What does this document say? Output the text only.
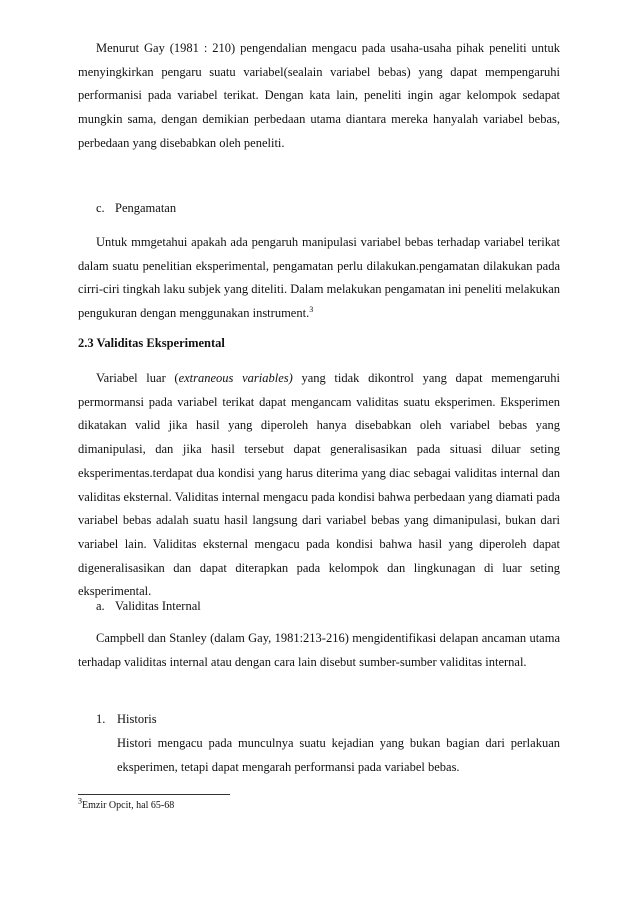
Menurut Gay (1981 : 210) pengendalian mengacu pada usaha-usaha pihak peneliti untuk menyingkirkan pengaru suatu variabel(sealain variabel bebas) yang dapat mempengaruhi performanisi pada variabel terikat. Dengan kata lain, peneliti ingin agar kelompok sedapat mungkin sama, dengan demikian perbedaan utama diantara mereka hanyalah variabel bebas, perbedaan yang disebabkan oleh peneliti.

c. Pengamatan

Untuk mmgetahui apakah ada pengaruh manipulasi variabel bebas terhadap variabel terikat dalam suatu penelitian eksperimental, pengamatan perlu dilakukan.pengamatan dilakukan pada cirri-ciri tingkah laku subjek yang diteliti. Dalam melakukan pengamatan ini peneliti melakukan pengukuran dengan menggunakan instrument.$^3$

2.3 Validitas Eksperimental

Variabel luar (extraneous variables) yang tidak dikontrol yang dapat memengaruhi permormansi pada variabel terikat dapat mengancam validitas suatu eksperimen. Eksperimen dikatakan valid jika hasil yang diperoleh hanya disebabkan oleh variabel bebas yang dimanipulasi, dan jika hasil tersebut dapat generalisasikan pada situasi diluar seting eksperimentas.terdapat dua kondisi yang harus diterima yang diac sebagai validitas internal dan validitas eksternal. Validitas internal mengacu pada kondisi bahwa perbedaan yang diamati pada variabel bebas adalah suatu hasil langsung dari variabel bebas yang dimanipulasi, bukan dari variabel lain. Validitas eksternal mengacu pada kondisi bahwa hasil yang diperoleh dapat digeneralisasikan dan dapat diterapkan pada kelompok dan lingkunagan di luar seting eksperimental.

a. Validitas Internal

Campbell dan Stanley (dalam Gay, 1981:213-216) mengidentifikasi delapan ancaman utama terhadap validitas internal atau dengan cara lain disebut sumber-sumber validitas internal.

1. Historis

Histori mengacu pada munculnya suatu kejadian yang bukan bagian dari perlakuan eksperimen, tetapi dapat mengarah performansi pada variabel bebas.

$^3$Emzir Opcit, hal 65-68
